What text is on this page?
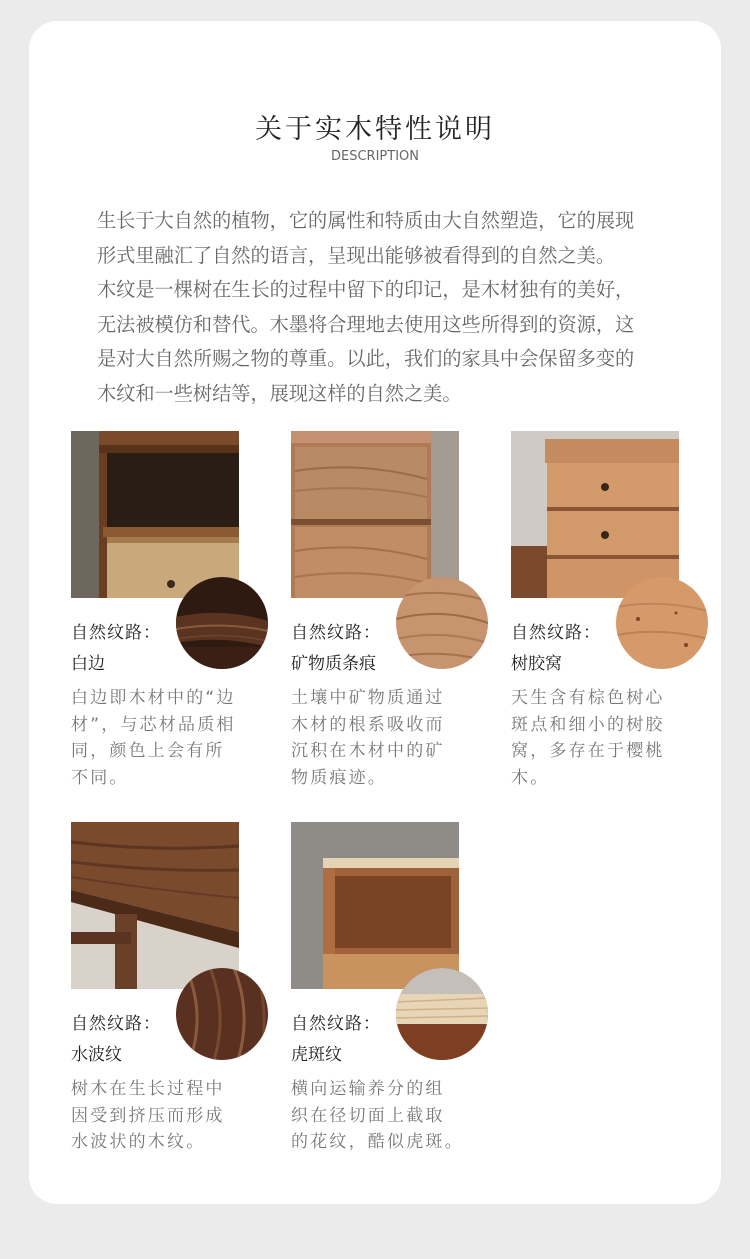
关于实木特性说明
DESCRIPTION

生长于大自然的植物，它的属性和特质由大自然塑造，它的展现

形式里融汇了自然的语言，呈现出能够被看得到的自然之美。

木纹是一棵树在生长的过程中留下的印记，是木材独有的美好，

无法被模仿和替代。木墨将合理地去使用这些所得到的资源，这

是对大自然所赐之物的尊重。以此，我们的家具中会保留多变的

木纹和一些树结等，展现这样的自然之美。

自然纹路：
白边
白边即木材中的“边
材”，与芯材品质相
同，颜色上会有所
不同。
自然纹路：
矿物质条痕
土壤中矿物质通过
木材的根系吸收而
沉积在木材中的矿
物质痕迹。
自然纹路：
树胶窝
天生含有棕色树心
斑点和细小的树胶
窝，多存在于樱桃
木。
自然纹路：
水波纹
树木在生长过程中
因受到挤压而形成
水波状的木纹。
自然纹路：
虎斑纹
横向运输养分的组
织在径切面上截取
的花纹，酷似虎斑。
